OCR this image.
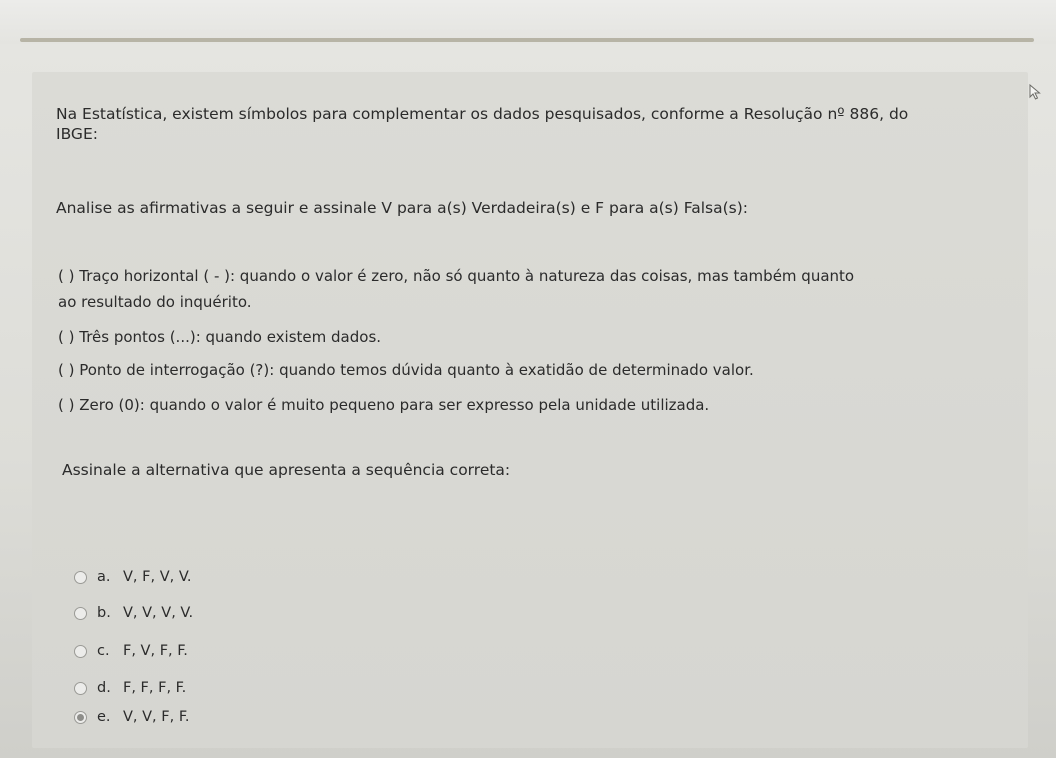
Na Estatística, existem símbolos para complementar os dados pesquisados, conforme a Resolução nº 886, do
IBGE:
Analise as afirmativas a seguir e assinale V para a(s) Verdadeira(s) e F para a(s) Falsa(s):
( ) Traço horizontal ( - ): quando o valor é zero, não só quanto à natureza das coisas, mas também quanto
ao resultado do inquérito.
( ) Três pontos (...): quando existem dados.
( ) Ponto de interrogação (?): quando temos dúvida quanto à exatidão de determinado valor.
( ) Zero (0): quando o valor é muito pequeno para ser expresso pela unidade utilizada.
Assinale a alternativa que apresenta a sequência correta:
a. V, F, V, V.
b. V, V, V, V.
c. F, V, F, F.
d. F, F, F, F.
e. V, V, F, F.
